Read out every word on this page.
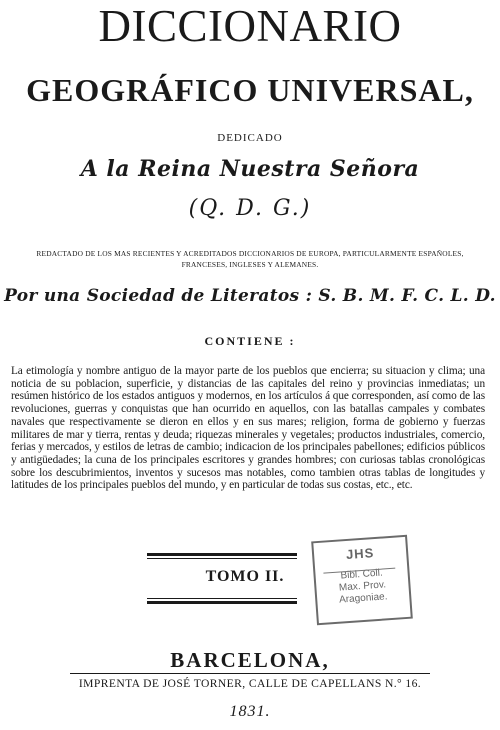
DICCIONARIO
GEOGRÁFICO UNIVERSAL,
DEDICADO
A la Reina Nuestra Señora
(Q. D. G.)
REDACTADO DE LOS MAS RECIENTES Y ACREDITADOS DICCIONARIOS DE EUROPA, PARTICULARMENTE ESPAÑOLES, FRANCESES, INGLESES Y ALEMANES.
Por una Sociedad de Literatos : S. B. M. F. C. L. D.
CONTIENE :
La etimología y nombre antiguo de la mayor parte de los pueblos que encierra; su situacion y clima; una noticia de su poblacion, superficie, y distancias de las capitales del reino y provincias inmediatas; un resúmen histórico de los estados antiguos y modernos, en los artículos á que corresponden, así como de las revoluciones, guerras y conquistas que han ocurrido en aquellos, con las batallas campales y combates navales que respectivamente se dieron en ellos y en sus mares; religion, forma de gobierno y fuerzas militares de mar y tierra, rentas y deuda; riquezas minerales y vegetales; productos industriales, comercio, ferias y mercados, y estilos de letras de cambio; indicacion de los principales pabellones; edificios públicos y antigüedades; la cuna de los principales escritores y grandes hombres; con curiosas tablas cronológicas sobre los descubrimientos, inventos y sucesos mas notables, como tambien otras tablas de longitudes y latitudes de los principales pueblos del mundo, y en particular de todas sus costas, etc., etc.
TOMO II.
JHS
Bibl. Coll.
Max. Prov.
Aragoniae.
BARCELONA,
IMPRENTA DE JOSÉ TORNER, CALLE DE CAPELLANS N.° 16.
1831.
